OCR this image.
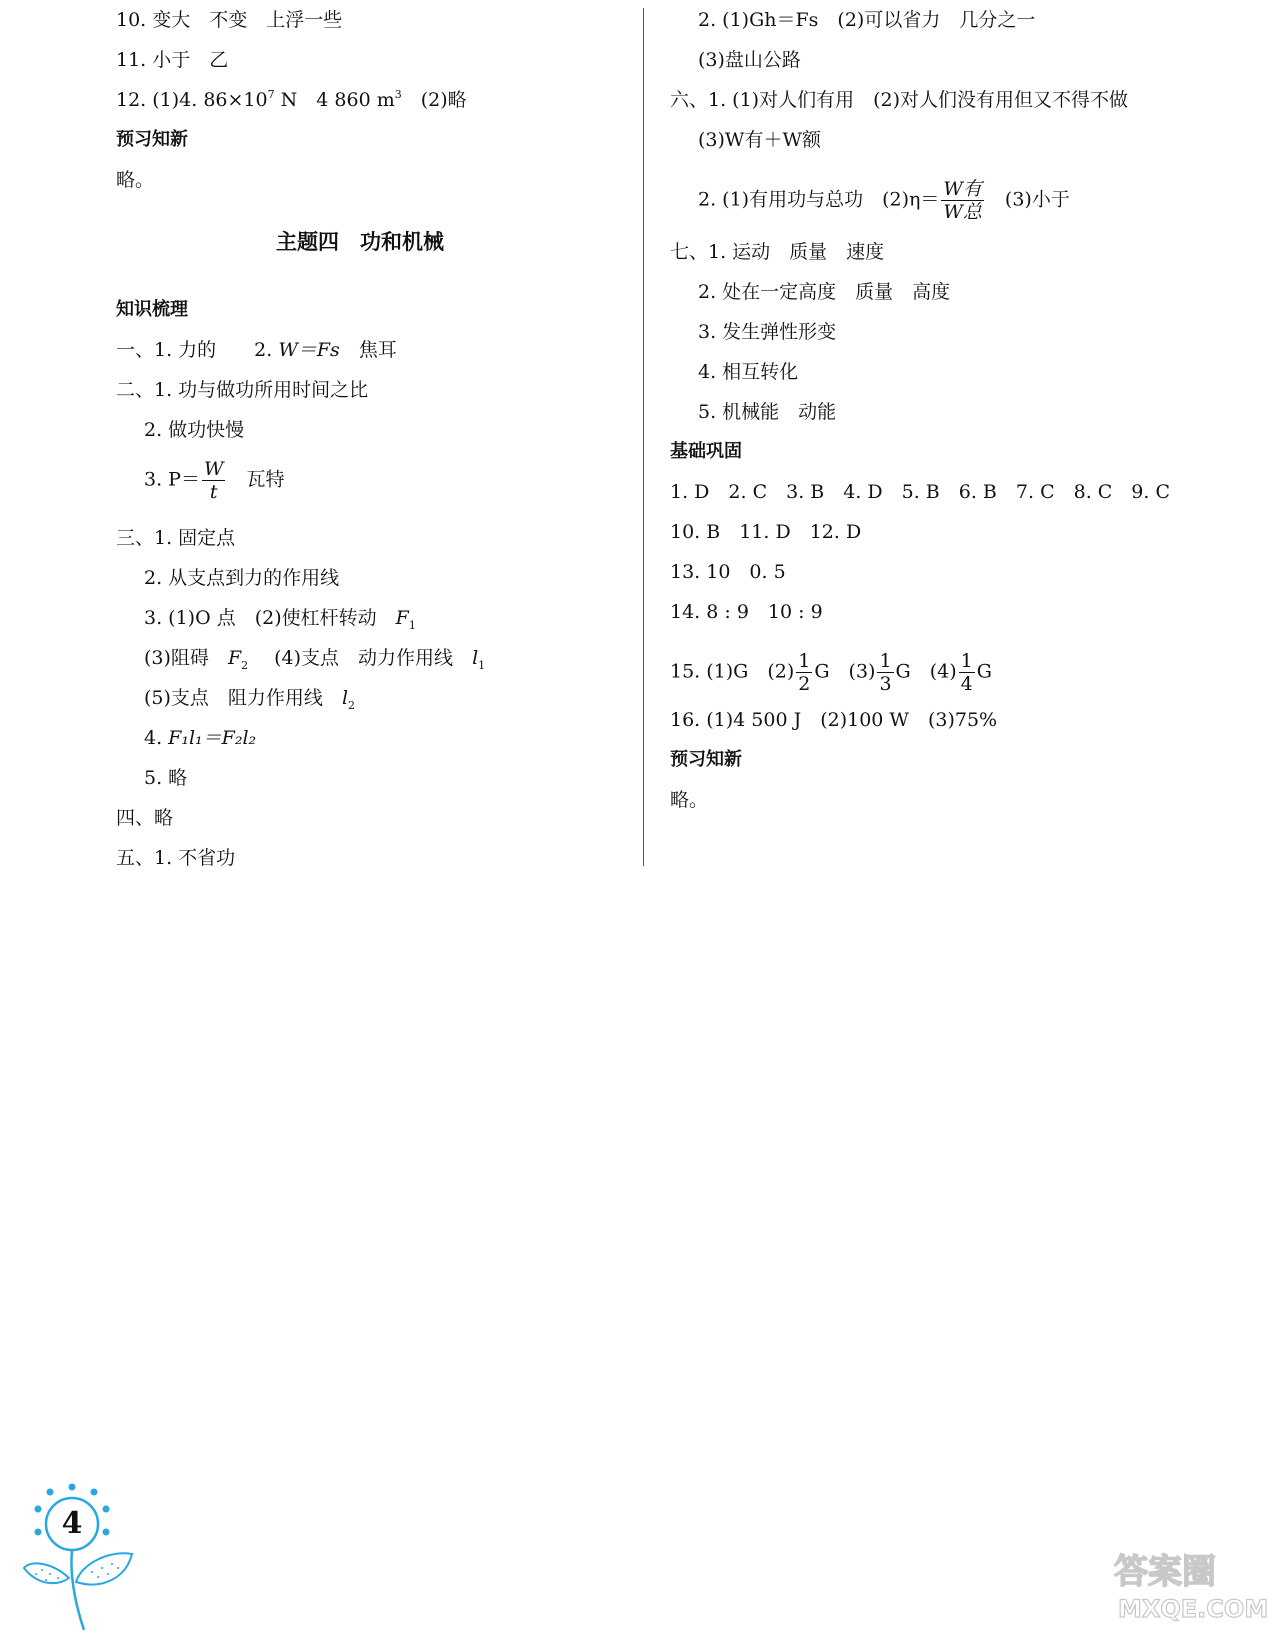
10. 变大　不变　上浮一些
11. 小于　乙
12. (1)4. $86\times 10^7$ N　4 860 $m^3$　(2)略
预习知新
略。
主题四　功和机械
知识梳理
一、1. 力的　　2. W＝Fs　焦耳
二、1. 功与做功所用时间之比
2. 做功快慢
3. $P= \frac{W}{t}$ 　瓦特
三、1. 固定点
2. 从支点到力的作用线
3. (1)O 点　(2)使杠杆转动　 $F_1$
(3)阻碍　 $F_2$ (4)支点　动力作用线　 $l_1$
(5)支点　阻力作用线　 $l_2$
4. F₁l₁＝F₂l₂
5. 略
四、略
五、1. 不省功
2. (1)Gh＝Fs　(2)可以省力　几分之一
(3)盘山公路
六、1. (1)对人们有用　(2)对人们没有用但又不得不做
(3)W有＋W额
2. (1)有用功与总功　$(2)\eta= \frac{\text{W有}}{\text{W总}}$ 　(3)小于
七、1. 运动　质量　速度
2. 处在一定高度　质量　高度
3. 发生弹性形变
4. 相互转化
5. 机械能　动能
基础巩固
1. D　2. C　3. B　4. D　5. B　6. B　7. C　8. C　9. C
10. B　11. D　12. D
13. 10　0. 5
14. 8 : 9　10 : 9
15. (1)G　$(2) \frac{1}{2}$ G　$(3) \frac{1}{3}$ G　$(4) \frac{1}{4}$ G
16. (1)4 500 J　(2)100 W　(3)75%
预习知新
略。
4
答案圈
MXQE.COM
